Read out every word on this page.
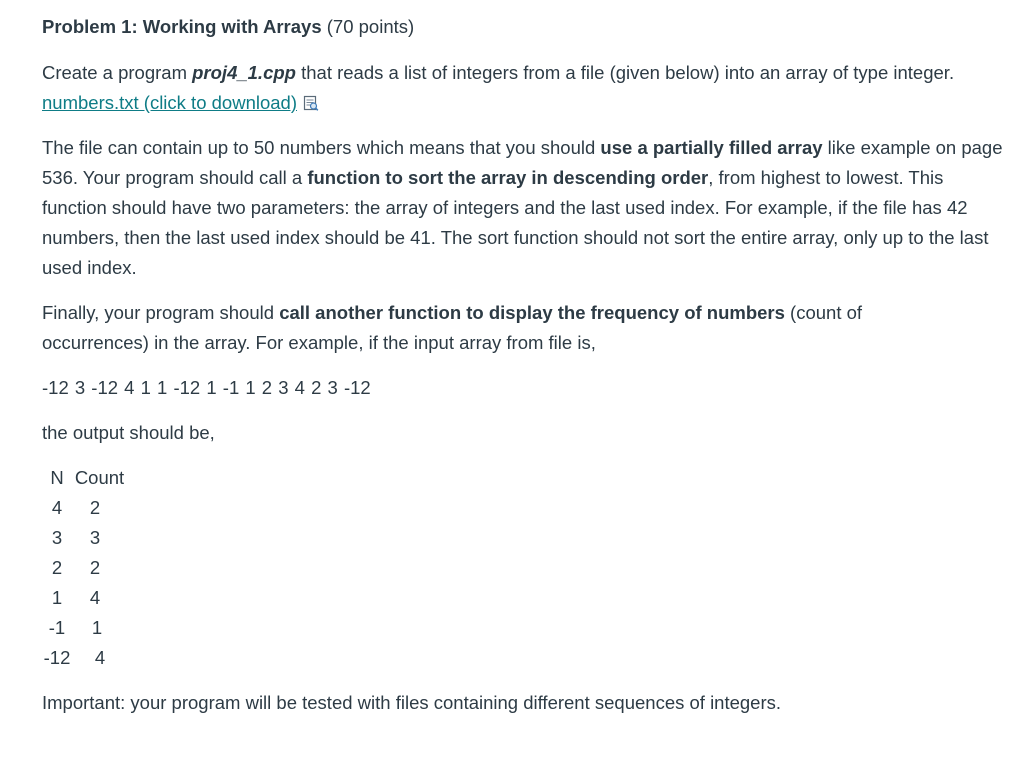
Problem 1: Working with Arrays (70 points)

Create a program proj4_1.cpp that reads a list of integers from a file (given below) into an array of type integer.

numbers.txt (click to download)

The file can contain up to 50 numbers which means that you should use a partially filled array like example on page 536. Your program should call a function to sort the array in descending order, from highest to lowest. This function should have two parameters: the array of integers and the last used index. For example, if the file has 42 numbers, then the last used index should be 41. The sort function should not sort the entire array, only up to the last used index.

Finally, your program should call another function to display the frequency of numbers (count of occurrences) in the array. For example, if the input array from file is,

-12 3 -12 4 1 1 -12 1 -1 1 2 3 4 2 3 -12

the output should be,

N	Count
4	2
3	3
2	2
1	4
-1	1
-12	4

Important: your program will be tested with files containing different sequences of integers.
